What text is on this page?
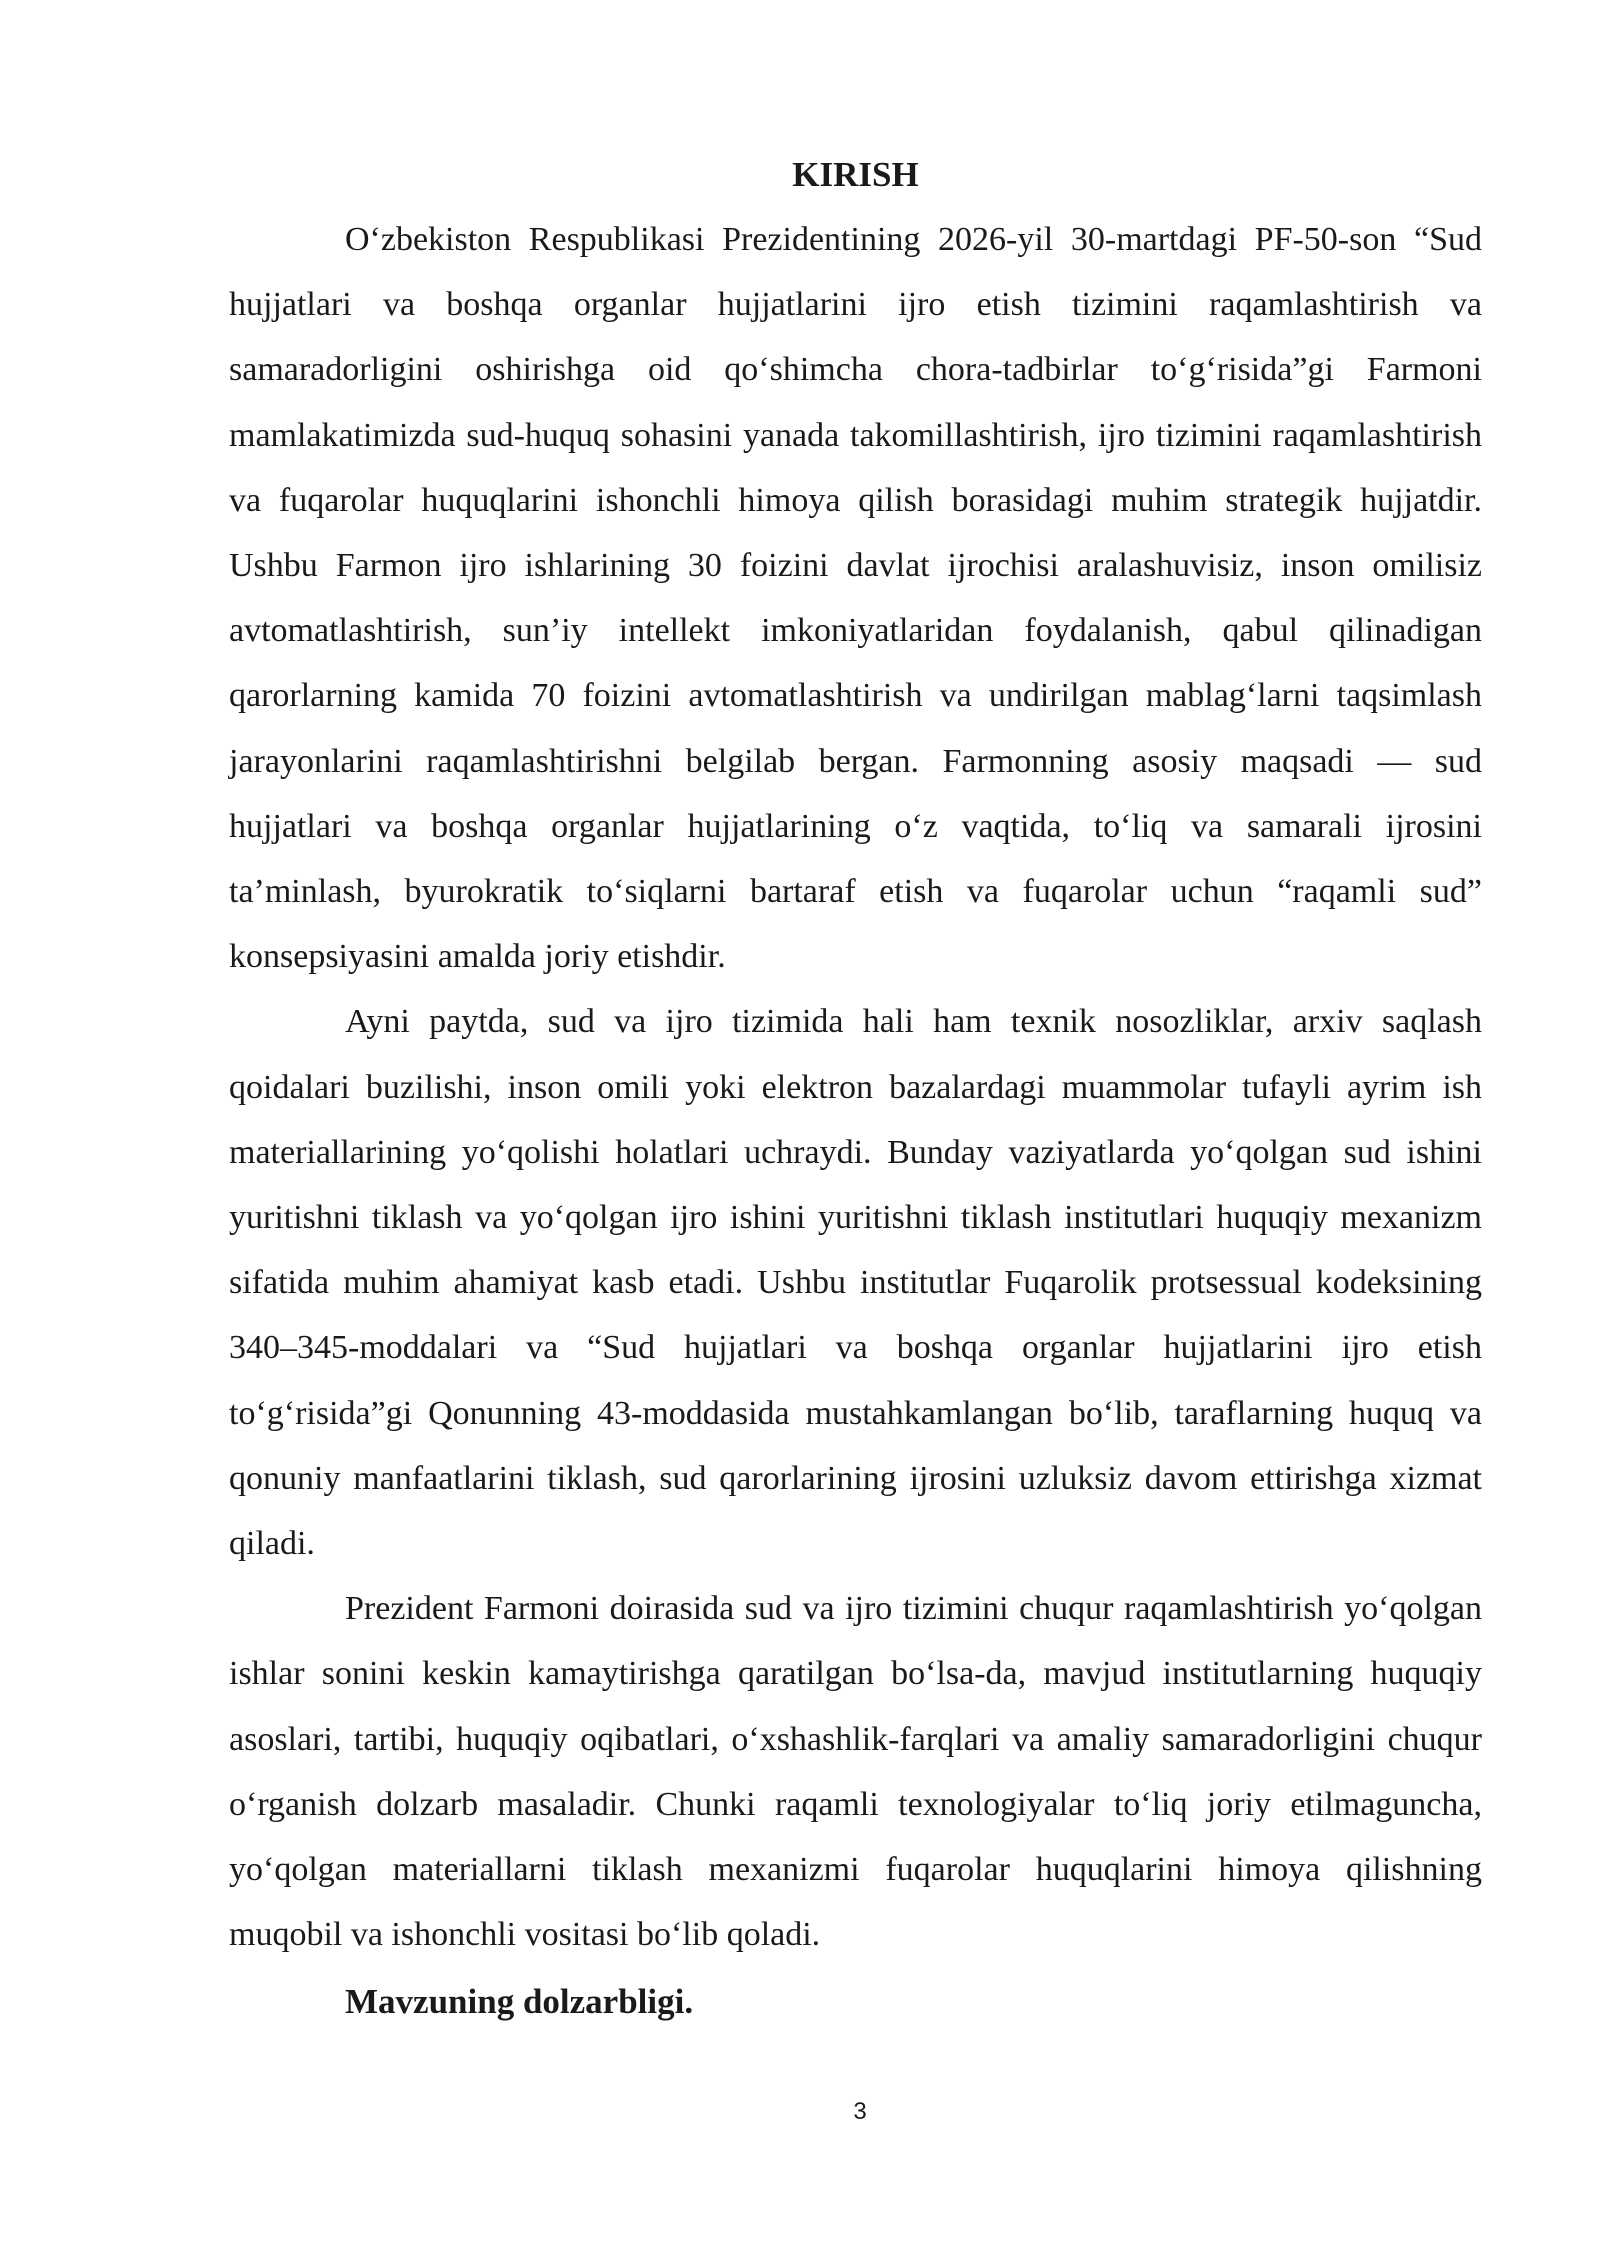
KIRISH

O‘zbekiston Respublikasi Prezidentining 2026-yil 30-martdagi PF-50-son “Sud hujjatlari va boshqa organlar hujjatlarini ijro etish tizimini raqamlashtirish va samaradorligini oshirishga oid qo‘shimcha chora-tadbirlar to‘g‘risida”gi Farmoni mamlakatimizda sud-huquq sohasini yanada takomillashtirish, ijro tizimini raqamlashtirish va fuqarolar huquqlarini ishonchli himoya qilish borasidagi muhim strategik hujjatdir. Ushbu Farmon ijro ishlarining 30 foizini davlat ijrochisi aralashuvisiz, inson omilisiz avtomatlashtirish, sun’iy intellekt imkoniyatlaridan foydalanish, qabul qilinadigan qarorlarning kamida 70 foizini avtomatlashtirish va undirilgan mablag‘larni taqsimlash jarayonlarini raqamlashtirishni belgilab bergan. Farmonning asosiy maqsadi — sud hujjatlari va boshqa organlar hujjatlarining o‘z vaqtida, to‘liq va samarali ijrosini ta’minlash, byurokratik to‘siqlarni bartaraf etish va fuqarolar uchun “raqamli sud” konsepsiyasini amalda joriy etishdir.

Ayni paytda, sud va ijro tizimida hali ham texnik nosozliklar, arxiv saqlash qoidalari buzilishi, inson omili yoki elektron bazalardagi muammolar tufayli ayrim ish materiallarining yo‘qolishi holatlari uchraydi. Bunday vaziyatlarda yo‘qolgan sud ishini yuritishni tiklash va yo‘qolgan ijro ishini yuritishni tiklash institutlari huquqiy mexanizm sifatida muhim ahamiyat kasb etadi. Ushbu institutlar Fuqarolik protsessual kodeksining 340–345-moddalari va “Sud hujjatlari va boshqa organlar hujjatlarini ijro etish to‘g‘risida”gi Qonunning 43-moddasida mustahkamlangan bo‘lib, taraflarning huquq va qonuniy manfaatlarini tiklash, sud qarorlarining ijrosini uzluksiz davom ettirishga xizmat qiladi.

Prezident Farmoni doirasida sud va ijro tizimini chuqur raqamlashtirish yo‘qolgan ishlar sonini keskin kamaytirishga qaratilgan bo‘lsa-da, mavjud institutlarning huquqiy asoslari, tartibi, huquqiy oqibatlari, o‘xshashlik-farqlari va amaliy samaradorligini chuqur o‘rganish dolzarb masaladir. Chunki raqamli texnologiyalar to‘liq joriy etilmaguncha, yo‘qolgan materiallarni tiklash mexanizmi fuqarolar huquqlarini himoya qilishning muqobil va ishonchli vositasi bo‘lib qoladi.

Mavzuning dolzarbligi.

3
